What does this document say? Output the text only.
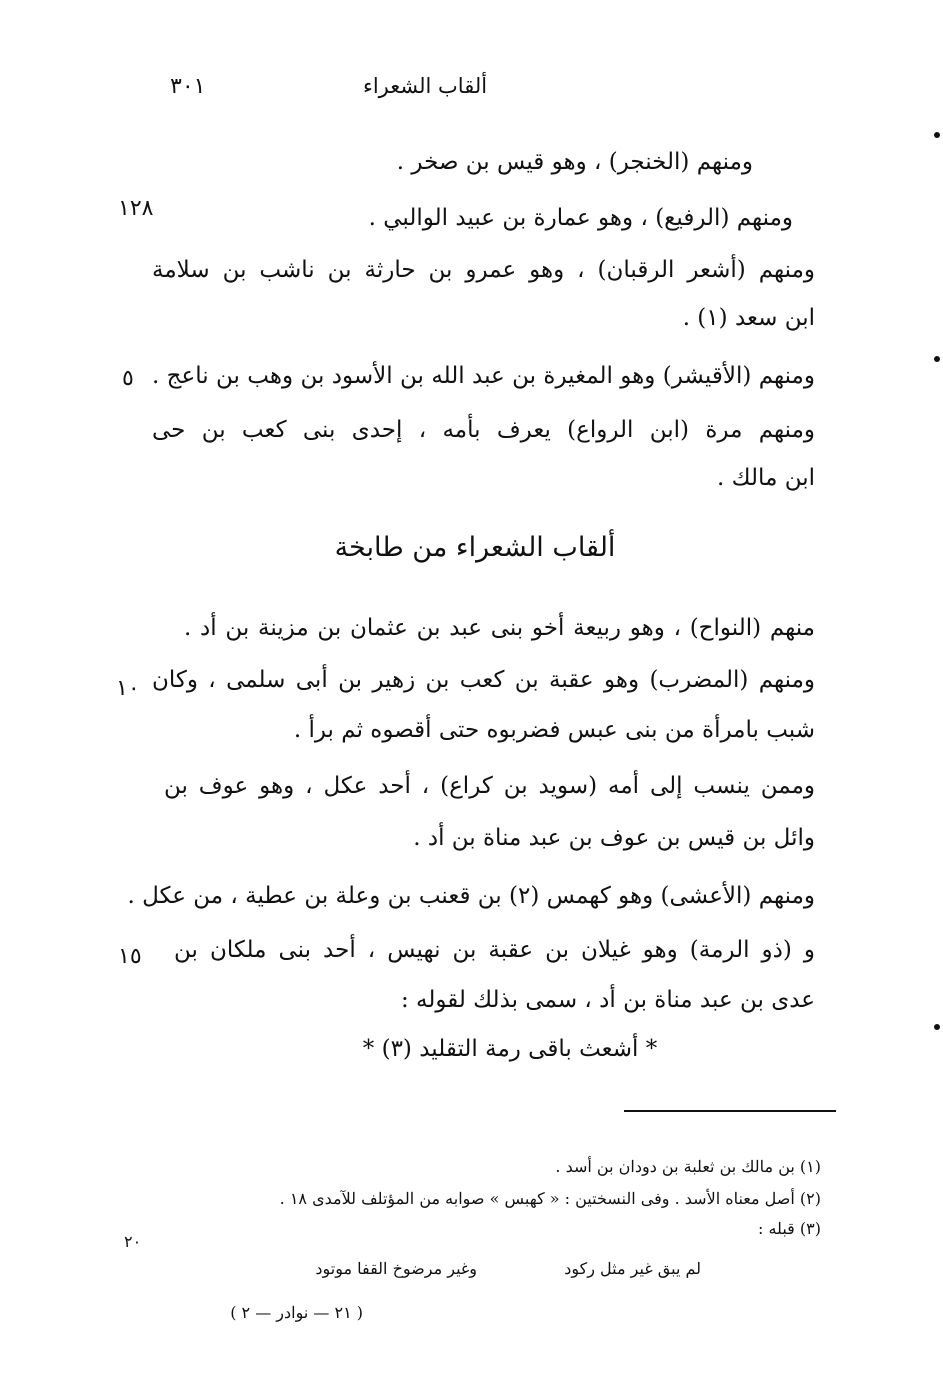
ألقاب الشعراء
٣٠١
١٢٨
٥
١٠
١٥
٢٠
ومنهم (الخنجر) ، وهو قيس بن صخر .
ومنهم (الرفيع) ، وهو عمارة بن عبيد الوالبي .
ومنهم (أشعر الرقبان) ، وهو عمرو بن حارثة بن ناشب بن سلامة
ابن سعد (١) .
ومنهم (الأقيشر) وهو المغيرة بن عبد الله بن الأسود بن وهب بن ناعج .
ومنهم مرة (ابن الرواع) يعرف بأمه ، إحدى بنى كعب بن حى
ابن مالك .
ألقاب الشعراء من طابخة
منهم (النواح) ، وهو ربيعة أخو بنى عبد بن عثمان بن مزينة بن أد .
ومنهم (المضرب) وهو عقبة بن كعب بن زهير بن أبى سلمى ، وكان
شبب بامرأة من بنى عبس فضربوه حتى أقصوه ثم برأ .
وممن ينسب إلى أمه (سويد بن كراع) ، أحد عكل ، وهو عوف بن
وائل بن قيس بن عوف بن عبد مناة بن أد .
ومنهم (الأعشى) وهو كهمس (٢) بن قعنب بن وعلة بن عطية ، من عكل .
و (ذو الرمة) وهو غيلان بن عقبة بن نهيس ، أحد بنى ملكان بن
عدى بن عبد مناة بن أد ، سمى بذلك لقوله :
* أشعث باقى رمة التقليد (٣) *
(١) بن مالك بن ثعلبة بن دودان بن أسد .
(٢) أصل معناه الأسد . وفى النسختين : « كهبس » صوابه من المؤتلف للآمدى ١٨ .
(٣) قبله :
لم يبق غير مثل ركود
وغير مرضوخ القفا موتود
( ٢١ — نوادر — ٢ )
